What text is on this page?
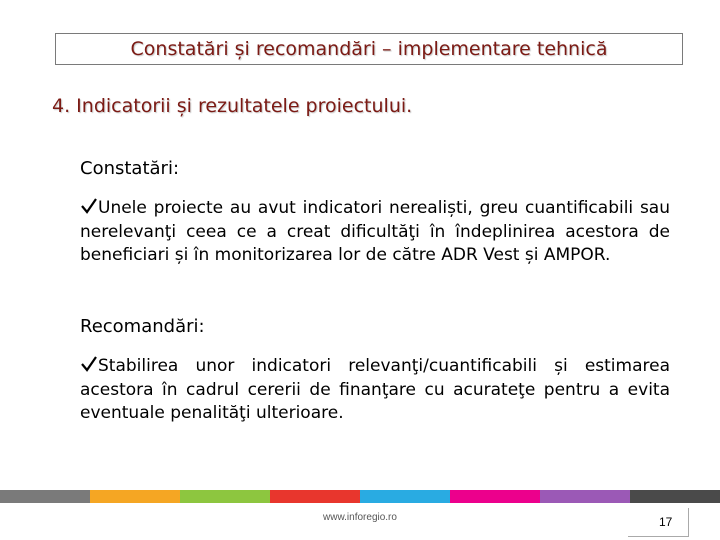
Constatări și recomandări – implementare tehnică
4. Indicatorii și rezultatele proiectului.
Constatări:
Unele proiecte au avut indicatori nerealiști, greu cuantificabili sau nerelevanţi ceea ce a creat dificultăţi în îndeplinirea acestora de beneficiari și în monitorizarea lor de către ADR Vest și AMPOR.
Recomandări:
Stabilirea unor indicatori relevanţi/cuantificabili și estimarea acestora în cadrul cererii de finanţare cu acurateţe pentru a evita eventuale penalităţi ulterioare.
www.inforegio.ro	17
